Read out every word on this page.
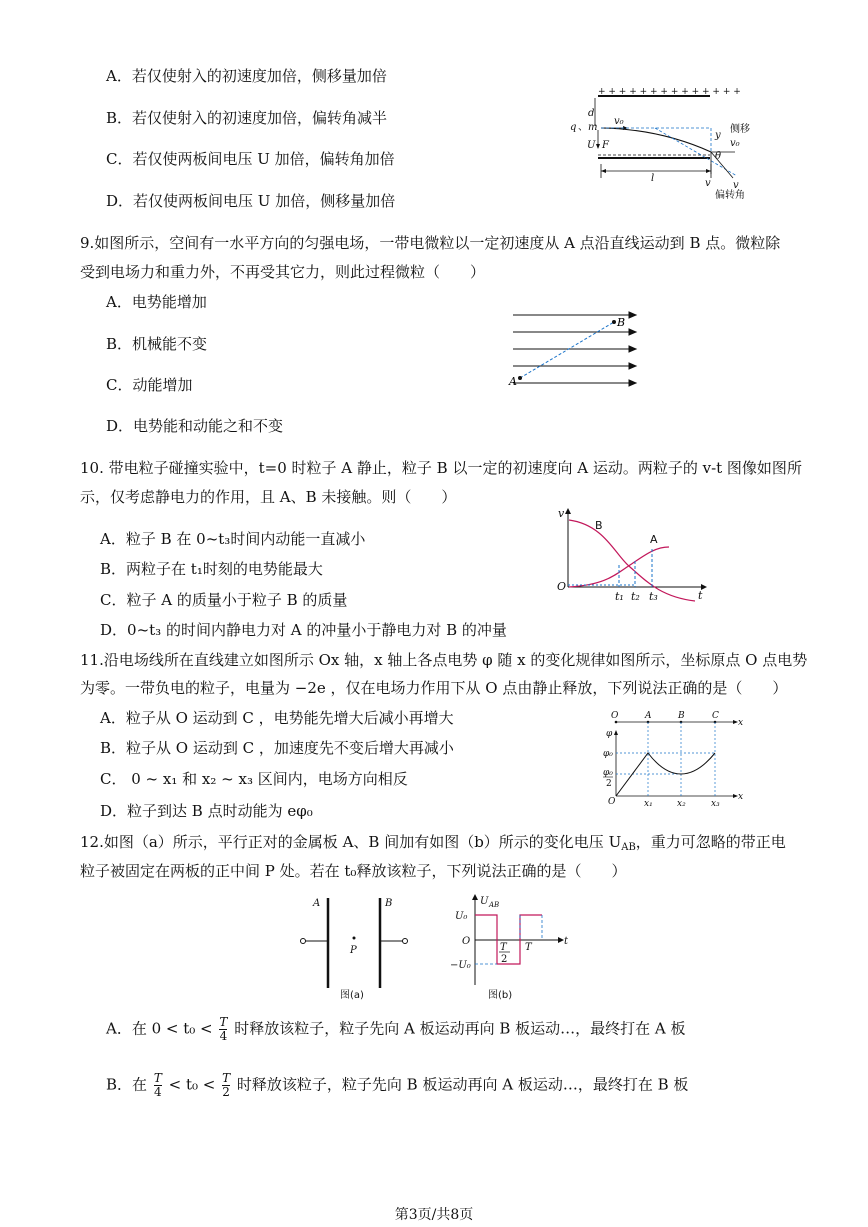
A．若仅使射入的初速度加倍，侧移量加倍
B．若仅使射入的初速度加倍，偏转角减半
C．若仅使两板间电压 U 加倍，偏转角加倍
D．若仅使两板间电压 U 加倍，侧移量加倍
+ + + + + + + + + + + + + +
d
q 、 m
U F
v₀
v₀
v
v
θ
y
侧移
偏转角
l
9.如图所示，空间有一水平方向的匀强电场，一带电微粒以一定初速度从 A 点沿直线运动到 B 点。微粒除
受到电场力和重力外，不再受其它力，则此过程微粒（　　）
A．电势能增加
B．机械能不变
C．动能增加
D．电势能和动能之和不变
A
B
10. 带电粒子碰撞实验中，t=0 时粒子 A 静止，粒子 B 以一定的初速度向 A 运动。两粒子的 v-t 图像如图所
示，仅考虑静电力的作用，且 A、B 未接触。则（　　）
A．粒子 B 在 0~t₃时间内动能一直减小
B．两粒子在 t₁时刻的电势能最大
C．粒子 A 的质量小于粒子 B 的质量
D．0~t₃ 的时间内静电力对 A 的冲量小于静电力对 B 的冲量
v
O
t
B
A
t₁ t₂ t₃
11.沿电场线所在直线建立如图所示 Ox 轴，x 轴上各点电势 φ 随 x 的变化规律如图所示，坐标原点 O 点电势
为零。一带负电的粒子，电量为 −2e ，仅在电场力作用下从 O 点由静止释放，下列说法正确的是（　　）
A．粒子从 O 运动到 C ，电势能先增大后减小再增大
B．粒子从 O 运动到 C ，加速度先不变后增大再减小
C． 0 ~ x₁ 和 x₂ ~ x₃ 区间内，电场方向相反
D．粒子到达 B 点时动能为 eφ₀
O	A	B	C
x
φ
x
O
φ₀
φ₀
2
x₁	x₂	x₃
12.如图（a）所示，平行正对的金属板 A、B 间加有如图（b）所示的变化电压 $U_{AB}$，重力可忽略的带正电
粒子被固定在两板的正中间 P 处。若在 t₀释放该粒子，下列说法正确的是（　　）
A	B
P
图(a)
U AB
U₀
O
−U₀
t
T
2
T
图(b)
A．在 $0 < t_0 < \frac{T}{4}$ 时释放该粒子，粒子先向 A 板运动再向 B 板运动…，最终打在 A 板
B．在 $\frac{T}{4} < t_0 < \frac{T}{2}$ 时释放该粒子，粒子先向 B 板运动再向 A 板运动…，最终打在 B 板
第3页/共8页
